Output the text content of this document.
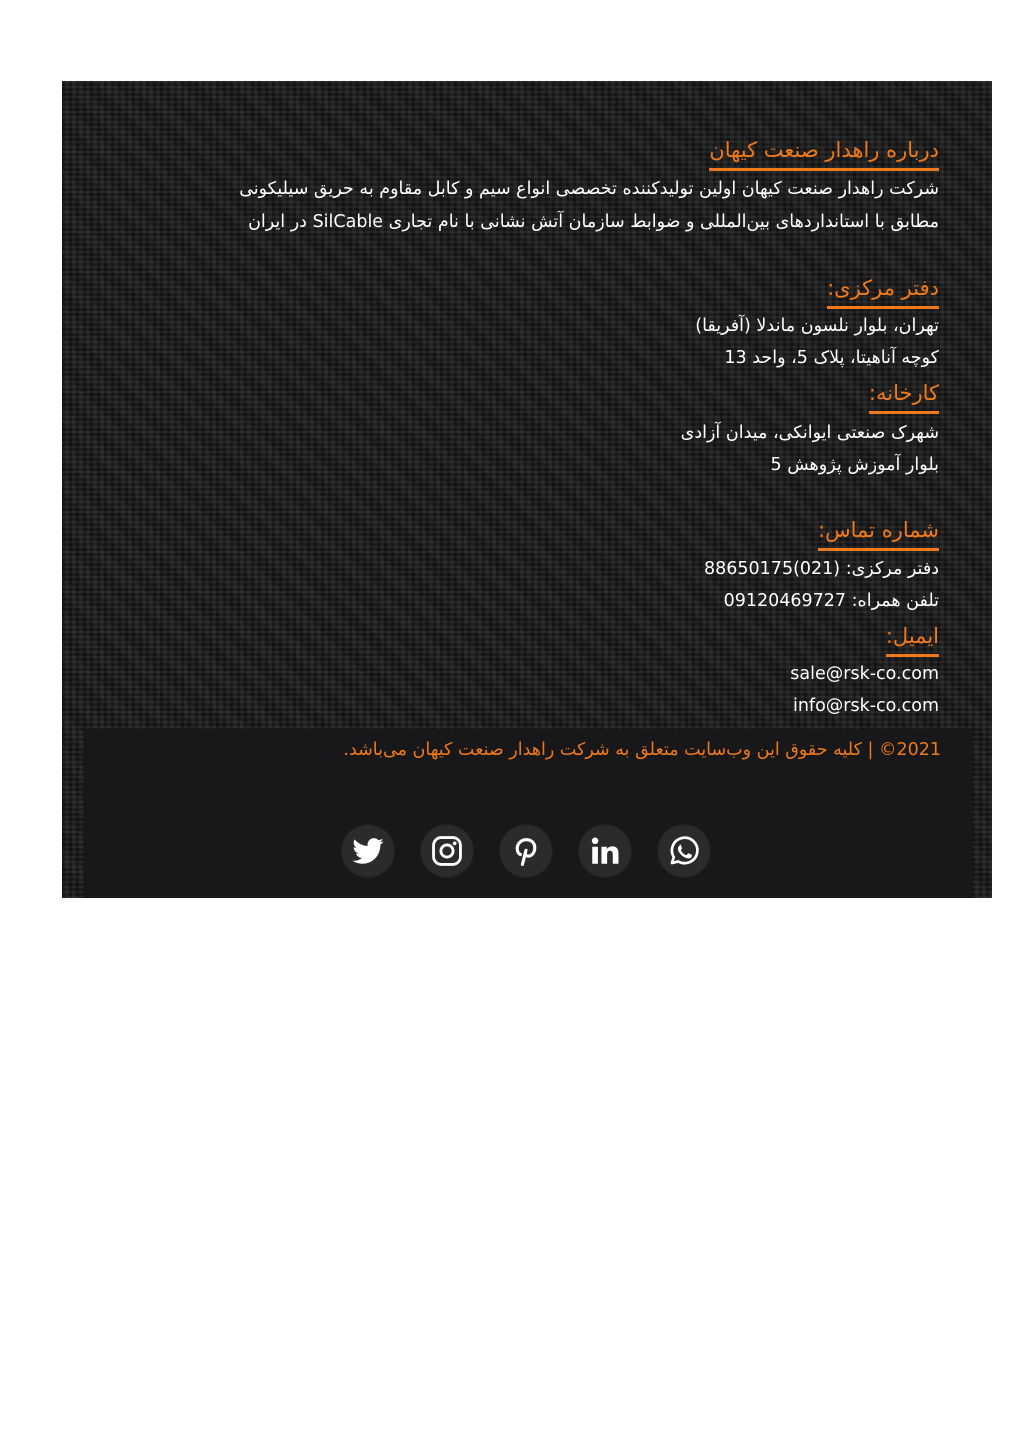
درباره راهدار صنعت کیهان
شرکت راهدار صنعت کیهان اولین تولیدکننده تخصصی انواع سیم و کابل مقاوم به حریق سیلیکونی
مطابق با استانداردهای بین‌المللی و ضوابط سازمان آتش نشانی با نام تجاری SilCable در ایران
دفتر مرکزی:
تهران، بلوار نلسون ماندلا (آفریقا)
کوچه آناهیتا، پلاک 5، واحد 13
کارخانه:
شهرک صنعتی ایوانکی، میدان آزادی
بلوار آموزش پژوهش 5
شماره تماس:
دفتر مرکزی: 88650175(021)
تلفن همراه: 09120469727
ایمیل:
sale@rsk-co.com
info@rsk-co.com
2021© | کلیه حقوق این وب‌سایت متعلق به شرکت راهدار صنعت کیهان می‌باشد.
